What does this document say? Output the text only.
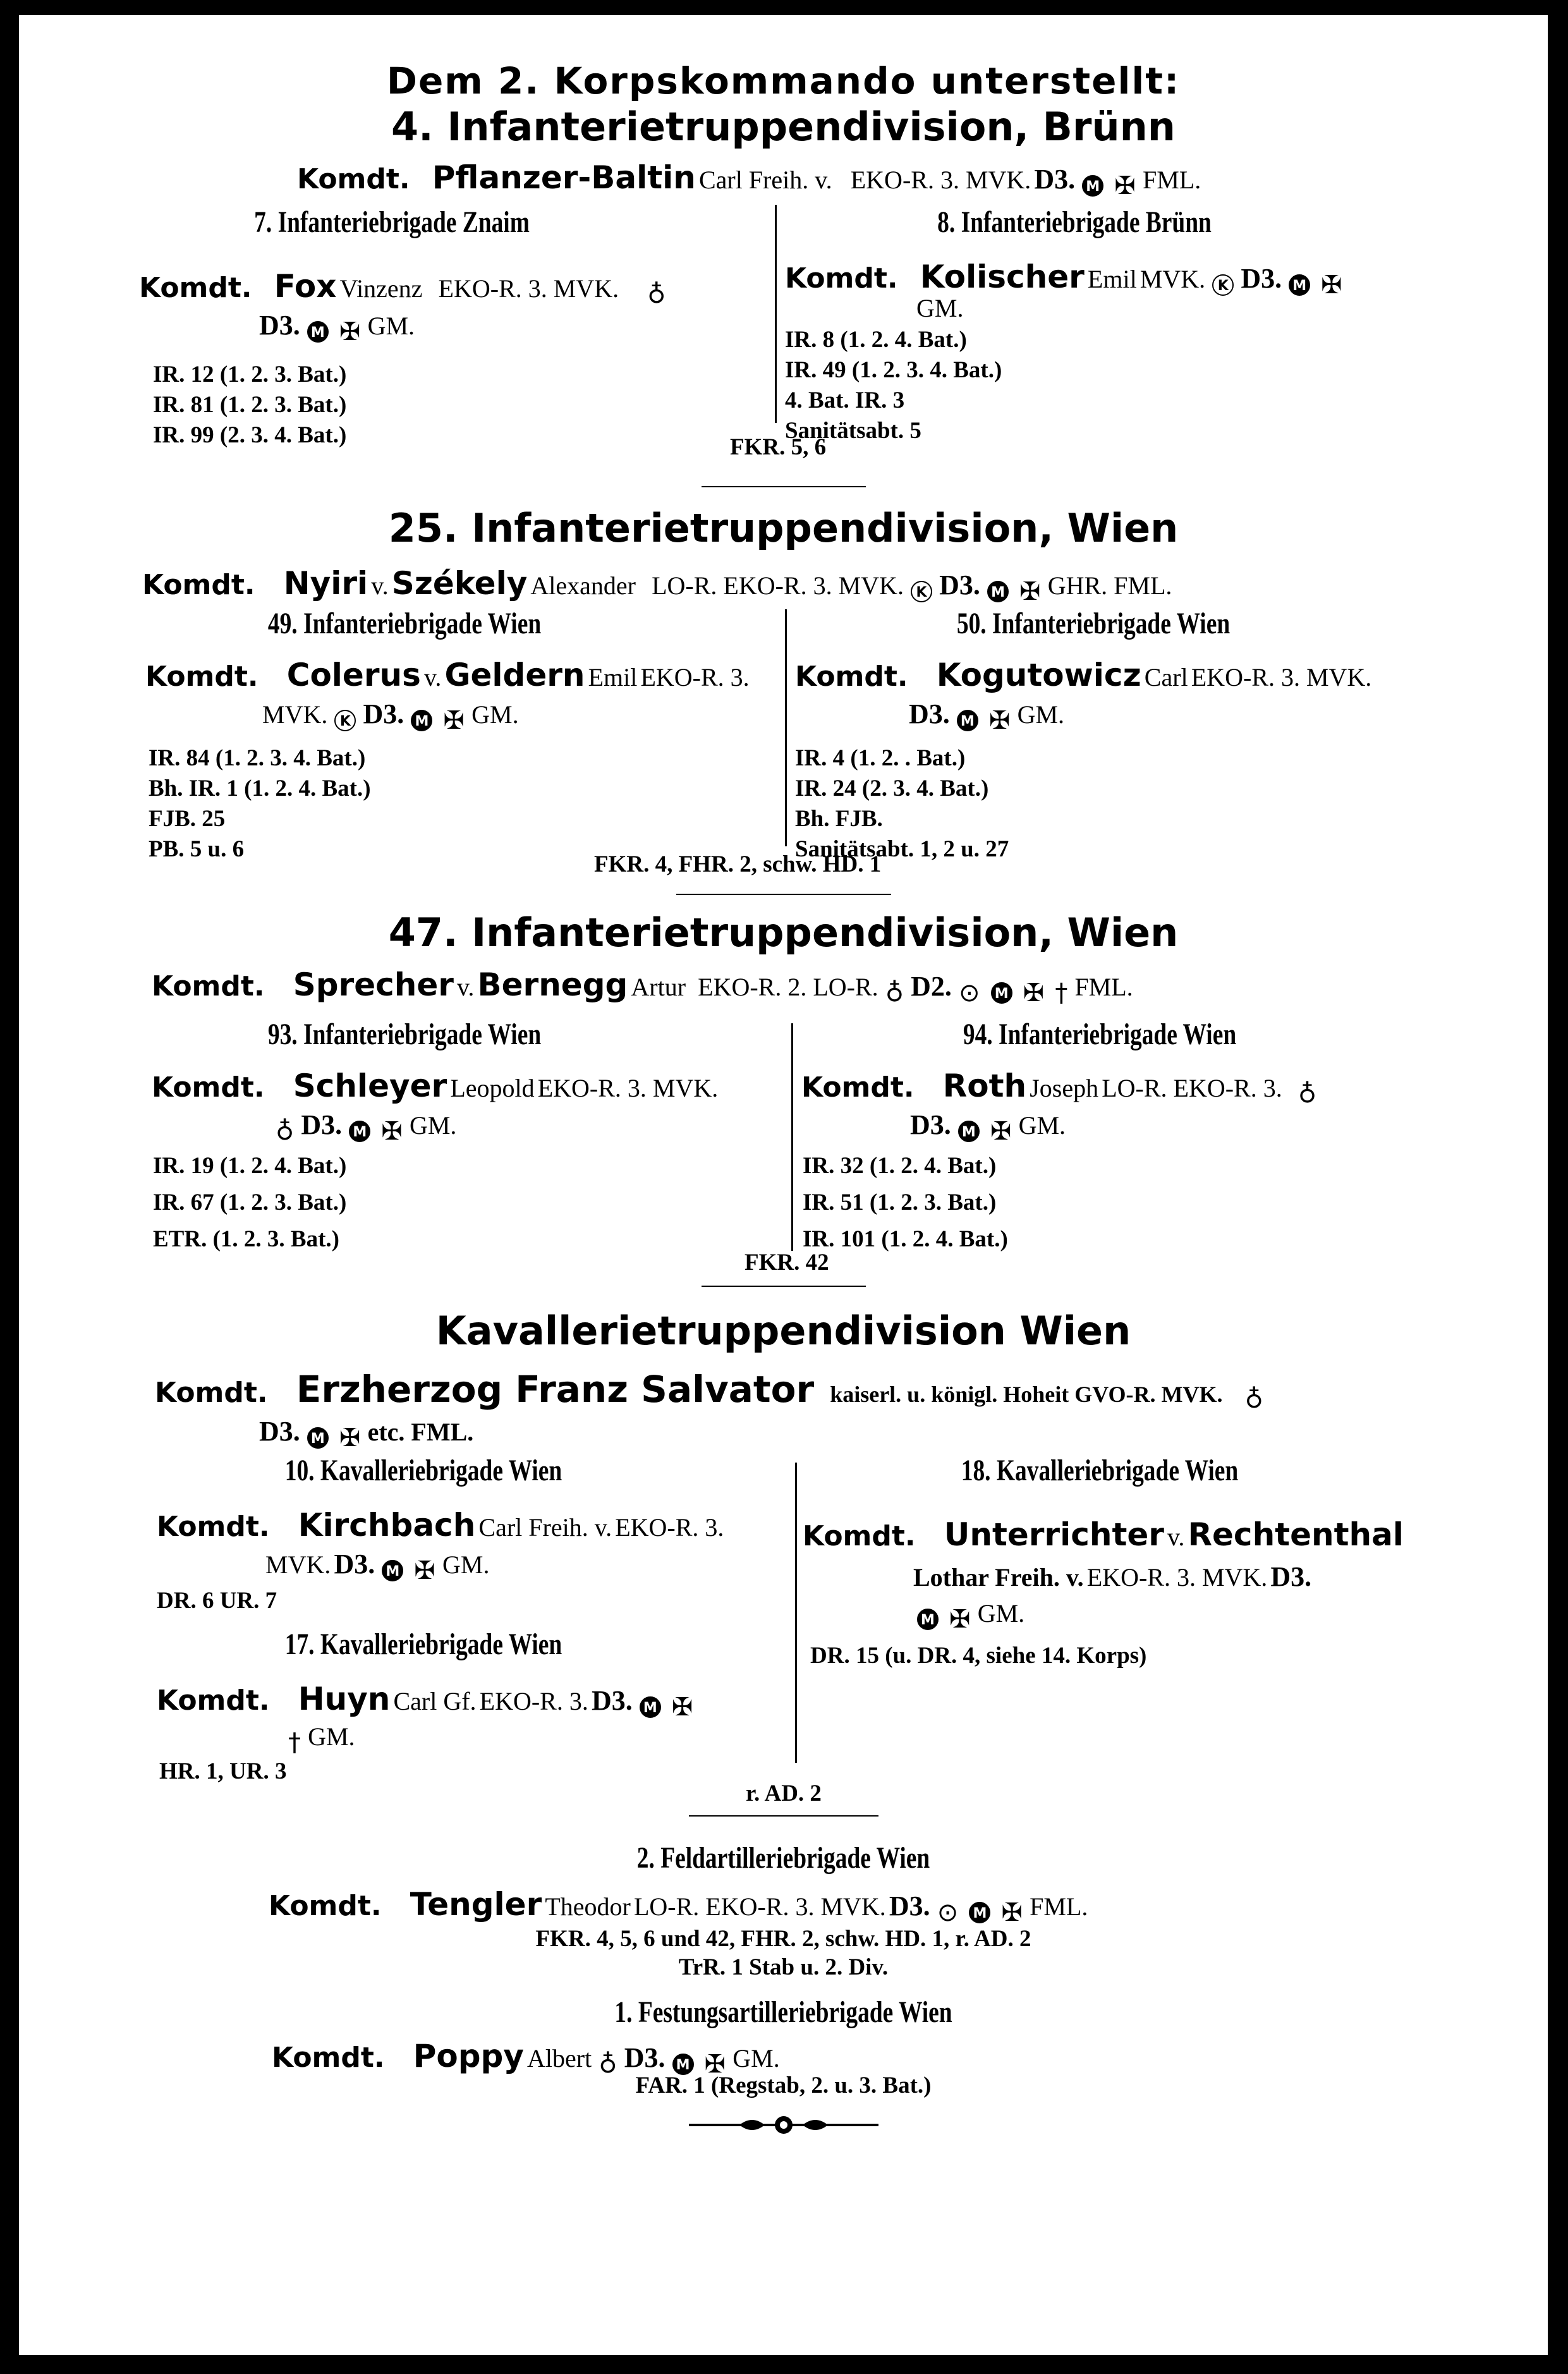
Dem 2. Korpskommando unterstellt:
4. Infanterietruppendivision, Brünn
Komdt. Pflanzer-Baltin Carl Freih. v. EKO-R. 3. MVK. D3. M ✠ FML.
7. Infanteriebrigade Znaim	8. Infanteriebrigade Brünn
Komdt. Fox Vinzenz EKO-R. 3. MVK. ♁
D3. M ✠ GM.
IR. 12 (1. 2. 3. Bat.)
IR. 81 (1. 2. 3. Bat.)
IR. 99 (2. 3. 4. Bat.)
Komdt. Kolischer Emil MVK. K D3. M ✠
GM.
IR. 8 (1. 2. 4. Bat.)
IR. 49 (1. 2. 3. 4. Bat.)
4. Bat. IR. 3
Sanitätsabt. 5
FKR. 5, 6
25. Infanterietruppendivision, Wien
Komdt. Nyiri v. Székely Alexander LO-R. EKO-R. 3. MVK. K D3. M ✠ GHR. FML.
49. Infanteriebrigade Wien	50. Infanteriebrigade Wien
Komdt. Colerus v. Geldern Emil EKO-R. 3.
MVK. K D3. M ✠ GM.
IR. 84 (1. 2. 3. 4. Bat.)
Bh. IR. 1 (1. 2. 4. Bat.)
FJB. 25
PB. 5 u. 6
Komdt. Kogutowicz Carl EKO-R. 3. MVK.
D3. M ✠ GM.
IR. 4 (1. 2. . Bat.)
IR. 24 (2. 3. 4. Bat.)
Bh. FJB.
Sanitätsabt. 1, 2 u. 27
FKR. 4, FHR. 2, schw. HD. 1
47. Infanterietruppendivision, Wien
Komdt. Sprecher v. Bernegg Artur EKO-R. 2. LO-R. ♁ D2. ⊙ M ✠ † FML.
93. Infanteriebrigade Wien	94. Infanteriebrigade Wien
Komdt. Schleyer Leopold EKO-R. 3. MVK.
♁ D3. M ✠ GM.
IR. 19 (1. 2. 4. Bat.)
IR. 67 (1. 2. 3. Bat.)
ETR. (1. 2. 3. Bat.)
Komdt. Roth Joseph LO-R. EKO-R. 3. ♁
D3. M ✠ GM.
IR. 32 (1. 2. 4. Bat.)
IR. 51 (1. 2. 3. Bat.)
IR. 101 (1. 2. 4. Bat.)
FKR. 42
Kavallerietruppendivision Wien
Komdt. Erzherzog Franz Salvator kaiserl. u. königl. Hoheit GVO-R. MVK. ♁
D3. M ✠ etc. FML.
10. Kavalleriebrigade Wien	18. Kavalleriebrigade Wien
Komdt. Kirchbach Carl Freih. v. EKO-R. 3.
MVK. D3. M ✠ GM.
DR. 6 UR. 7
17. Kavalleriebrigade Wien
Komdt. Huyn Carl Gf. EKO-R. 3. D3. M ✠
† GM.
HR. 1, UR. 3
Komdt. Unterrichter v. Rechtenthal
Lothar Freih. v. EKO-R. 3. MVK. D3.
M ✠ GM.
DR. 15 (u. DR. 4, siehe 14. Korps)
r. AD. 2
2. Feldartilleriebrigade Wien
Komdt. Tengler Theodor LO-R. EKO-R. 3. MVK. D3. ⊙ M ✠ FML.
FKR. 4, 5, 6 und 42, FHR. 2, schw. HD. 1, r. AD. 2
TrR. 1 Stab u. 2. Div.
1. Festungsartilleriebrigade Wien
Komdt. Poppy Albert ♁ D3. M ✠ GM.
FAR. 1 (Regstab, 2. u. 3. Bat.)
